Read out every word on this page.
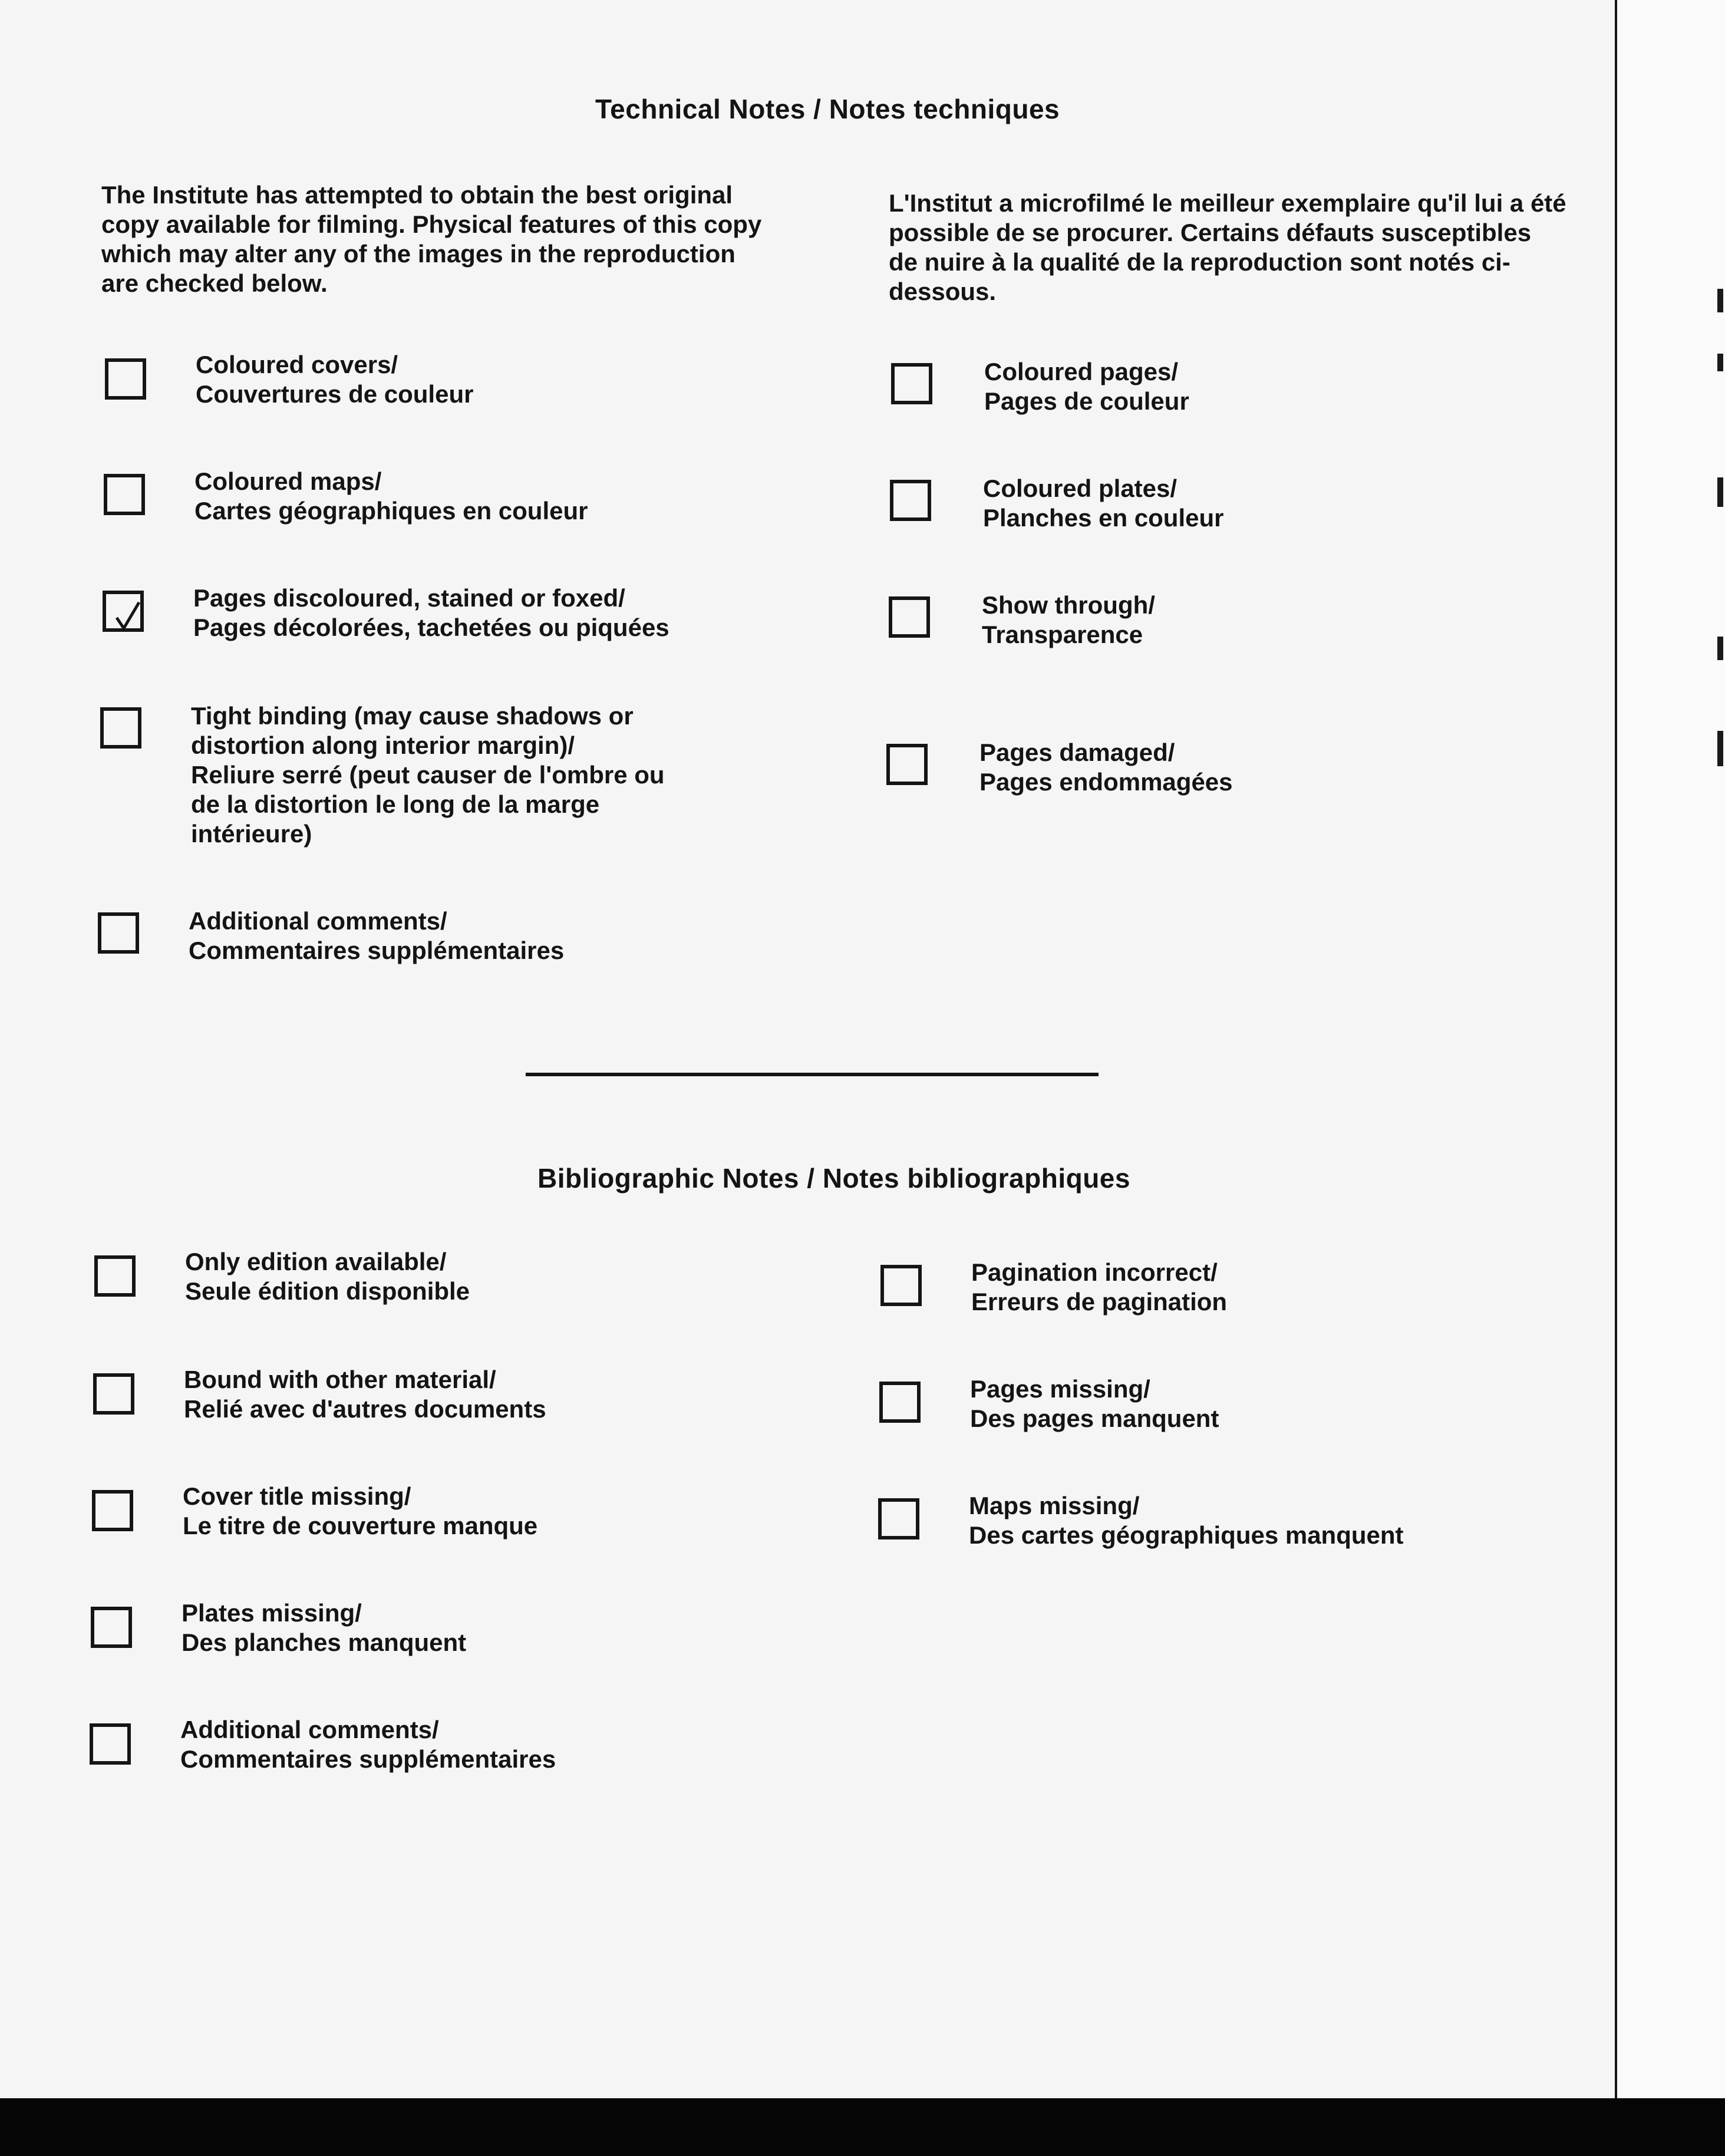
Technical Notes / Notes techniques
The Institute has attempted to obtain the best original copy available for filming. Physical features of this copy which may alter any of the images in the reproduction are checked below.
L'Institut a microfilmé le meilleur exemplaire qu'il lui a été possible de se procurer. Certains défauts susceptibles de nuire à la qualité de la reproduction sont notés ci-dessous.
Coloured covers/
Couvertures de couleur
Coloured maps/
Cartes géographiques en couleur
Pages discoloured, stained or foxed/
Pages décolorées, tachetées ou piquées
Tight binding (may cause shadows or
distortion along interior margin)/
Reliure serré (peut causer de l'ombre ou
de la distortion le long de la marge
intérieure)
Additional comments/
Commentaires supplémentaires
Coloured pages/
Pages de couleur
Coloured plates/
Planches en couleur
Show through/
Transparence
Pages damaged/
Pages endommagées
Bibliographic Notes / Notes bibliographiques
Only edition available/
Seule édition disponible
Bound with other material/
Relié avec d'autres documents
Cover title missing/
Le titre de couverture manque
Plates missing/
Des planches manquent
Additional comments/
Commentaires supplémentaires
Pagination incorrect/
Erreurs de pagination
Pages missing/
Des pages manquent
Maps missing/
Des cartes géographiques manquent
